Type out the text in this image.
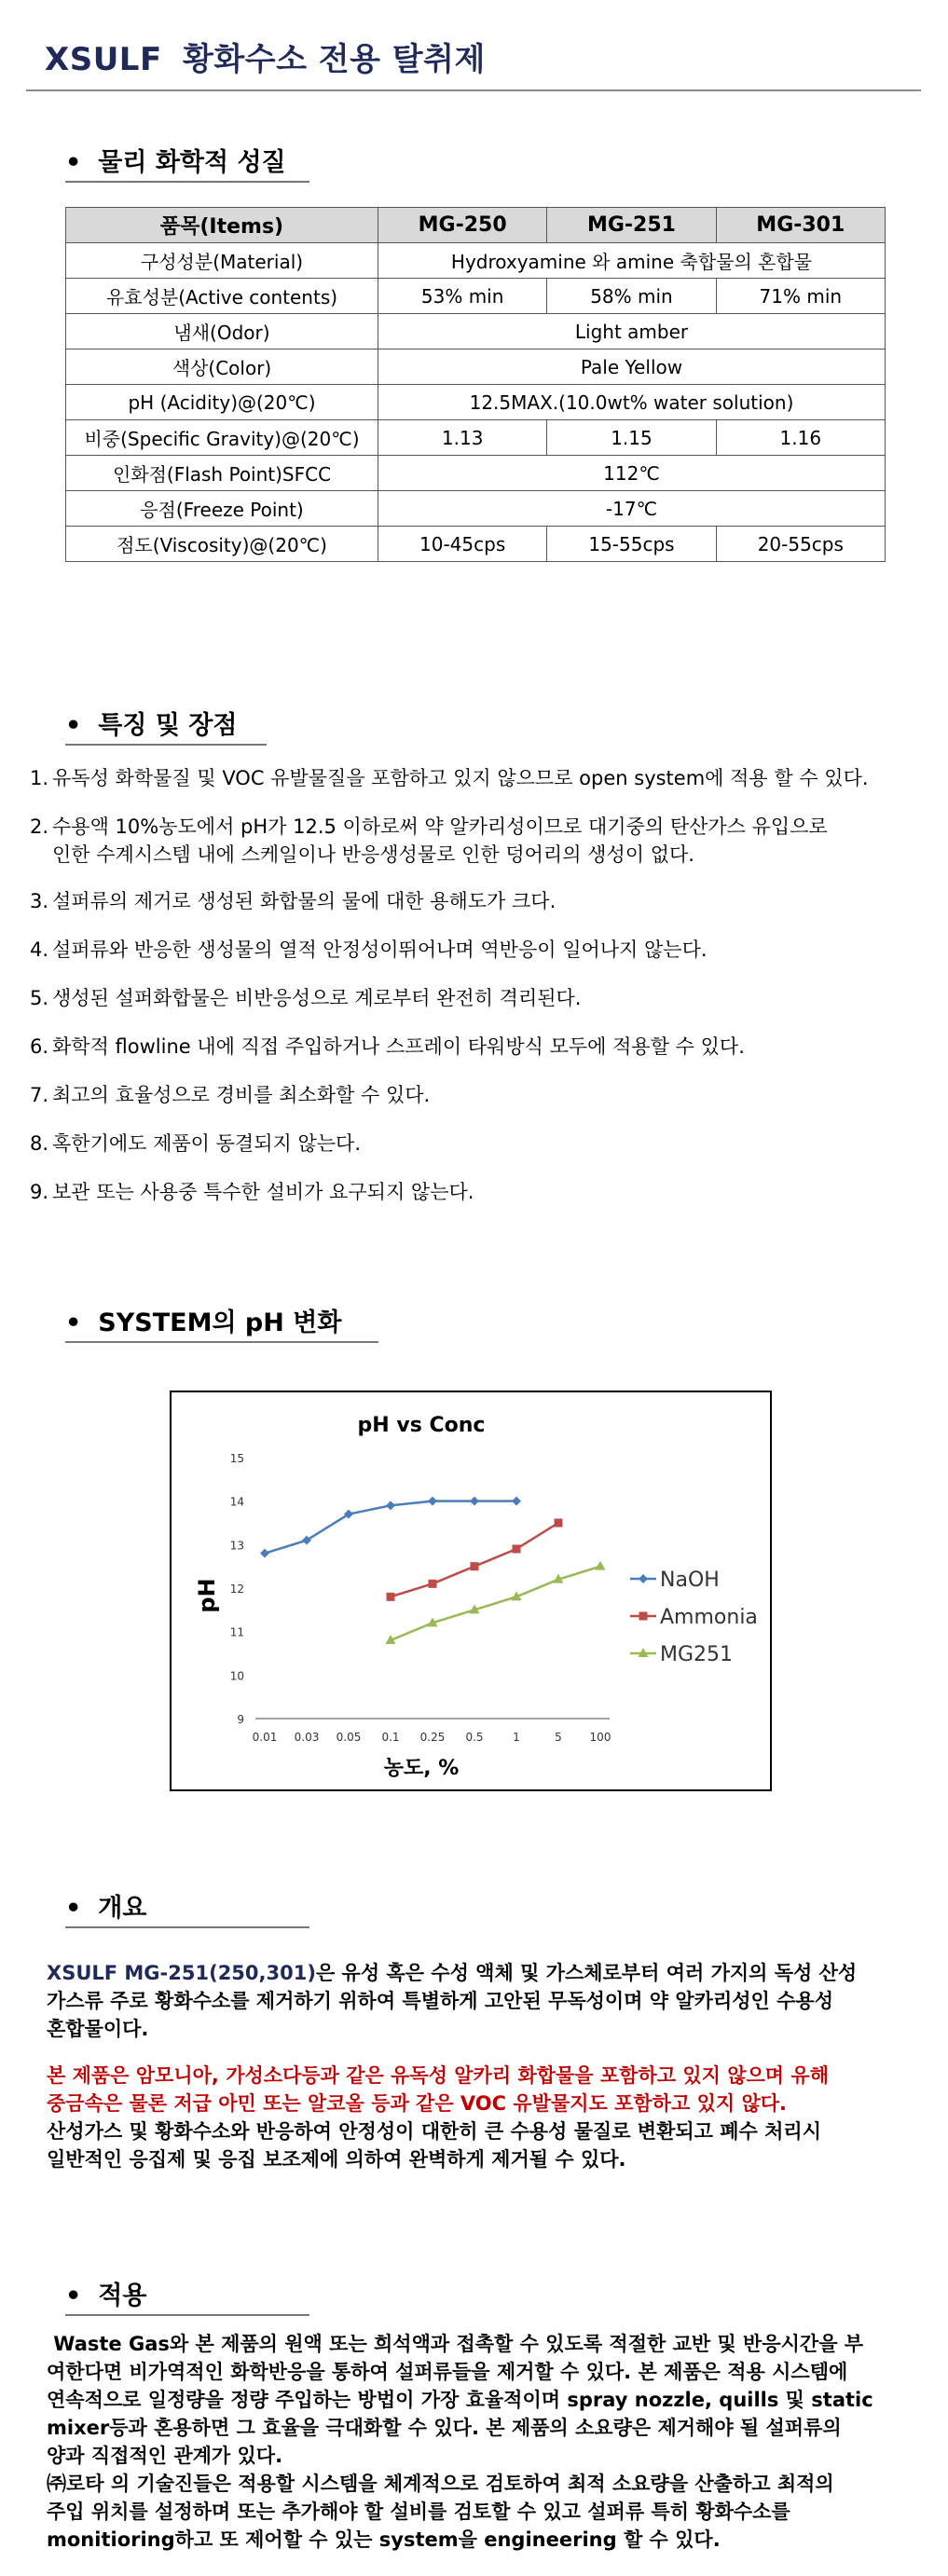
XSULF 황화수소 전용 탈취제
• 물리 화학적 성질
품목(Items)	MG-250	MG-251	MG-301
구성성분(Material)	Hydroxyamine 와 amine 축합물의 혼합물		
유효성분(Active contents)	53% min	58% min	71% min
냄새(Odor)	Light amber		
색상(Color)	Pale Yellow		
pH (Acidity)@(20℃)	12.5MAX.(10.0wt% water solution)		
비중(Specific Gravity)@(20℃)	1.13	1.15	1.16
인화점(Flash Point)SFCC	112℃		
응점(Freeze Point)	-17℃		
점도(Viscosity)@(20℃)	10-45cps	15-55cps	20-55cps
• 특징 및 장점
1. 유독성 화학물질 및 VOC 유발물질을 포함하고 있지 않으므로 open system에 적용 할 수 있다.
2. 수용액 10%농도에서 pH가 12.5 이하로써 약 알카리성이므로 대기중의 탄산가스 유입으로
인한 수계시스템 내에 스케일이나 반응생성물로 인한 덩어리의 생성이 없다.
3. 설퍼류의 제거로 생성된 화합물의 물에 대한 용해도가 크다.
4. 설퍼류와 반응한 생성물의 열적 안정성이뛰어나며 역반응이 일어나지 않는다.
5. 생성된 설퍼화합물은 비반응성으로 계로부터 완전히 격리된다.
6. 화학적 flowline 내에 직접 주입하거나 스프레이 타워방식 모두에 적용할 수 있다.
7. 최고의 효율성으로 경비를 최소화할 수 있다.
8. 혹한기에도 제품이 동결되지 않는다.
9. 보관 또는 사용중 특수한 설비가 요구되지 않는다.
• SYSTEM의 pH 변화
pH vs Conc
농도, %
pH
9
10
11
12
13
14
15
0.01 0.03 0.05 0.1 0.25 0.5	1	5 100
NaOH
Ammonia
MG251
• 개요
XSULF MG-251(250,301)은 유성 혹은 수성 액체 및 가스체로부터 여러 가지의 독성 산성
가스류 주로 황화수소를 제거하기 위하여 특별하게 고안된 무독성이며 약 알카리성인 수용성
혼합물이다.
본 제품은 암모니아, 가성소다등과 같은 유독성 알카리 화합물을 포함하고 있지 않으며 유해
중금속은 물론 저급 아민 또는 알코올 등과 같은 VOC 유발물지도 포함하고 있지 않다.
산성가스 및 황화수소와 반응하여 안정성이 대한히 큰 수용성 물질로 변환되고 폐수 처리시
일반적인 응집제 및 응집 보조제에 의하여 완벽하게 제거될 수 있다.
• 적용
Waste Gas와 본 제품의 원액 또는 희석액과 접촉할 수 있도록 적절한 교반 및 반응시간을 부
여한다면 비가역적인 화학반응을 통하여 설퍼류들을 제거할 수 있다. 본 제품은 적용 시스템에
연속적으로 일정량을 정량 주입하는 방법이 가장 효율적이며 spray nozzle, quills 및 static
mixer등과 혼용하면 그 효율을 극대화할 수 있다. 본 제품의 소요량은 제거해야 될 설퍼류의
양과 직접적인 관계가 있다.
㈜로타 의 기술진들은 적용할 시스템을 체계적으로 검토하여 최적 소요량을 산출하고 최적의
주입 위치를 설정하며 또는 추가해야 할 설비를 검토할 수 있고 설퍼류 특히 황화수소를
monitioring하고 또 제어할 수 있는 system을 engineering 할 수 있다.
